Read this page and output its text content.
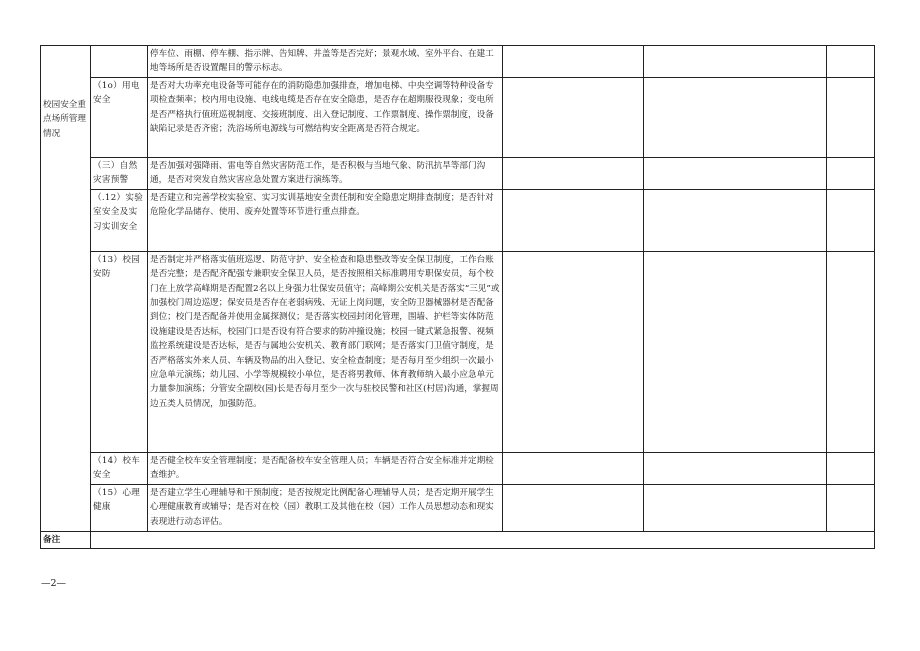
校园安全重点场所管理情况		停车位、雨棚、停车棚、指示牌、告知牌、井盖等是否完好；景观水域、室外平台、在建工地等场所是否设置醒目的警示标志。			
	（1o）用电安全	是否对大功率充电设备等可能存在的消防隐患加强排查，增加电梯、中央空调等特种设备专项检查频率；校内用电设施、电线电缆是否存在安全隐患，是否存在超期服役现象；变电所是否严格执行值班巡视制度、交接班制度、出入登记制度、工作票制度、操作票制度，设备缺陷记录是否齐密；洗浴场所电源线与可燃结构安全距离是否符合规定。			
	（三）自然灾害预警	是否加强对强降雨、雷电等自然灾害防范工作，是否积极与当地气象、防汛抗旱等部门沟通，是否对突发自然灾害应急处置方案进行演练等。			
	（.12）实验室安全及实习实训安全	是否建立和完善学校实验室、实习实训基地安全责任制和安全隐患定期排查制度；是否针对危险化学品储存、使用、废弃处置等环节进行重点排查。			
	（13）校园安防	是否制定并严格落实值班巡逻、防范守护、安全检查和隐患整改等安全保卫制度，工作台账是否完整；是否配齐配强专兼职安全保卫人员，是否按照相关标准聘用专职保安员，每个校门在上放学高峰期是否配置2名以上身强力壮保安员值守；高峰期公安机关是否落实“三见”或加强校门周边巡逻；保安员是否存在老弱病残、无证上岗问题，安全防卫器械器材是否配备到位；校门是否配备并使用金属探测仪；是否落实校园封闭化管理，围墙、护栏等实体防范设施建设是否达标，校园门口是否设有符合要求的防冲撞设施；校园一键式紧急报警、视频监控系统建设是否达标，是否与属地公安机关、教育部门联网；是否落实门卫值守制度，是否严格落实外来人员、车辆及物品的出入登记、安全检查制度；是否每月至少组织一次最小应急单元演练；幼儿园、小学等规模较小单位，是否将男教师、体育教师纳入最小应急单元力量参加演练；分管安全副校(园)长是否每月至少一次与驻校民警和社区(村居)沟通，掌握周边五类人员情况，加强防范。			
	（14）校车安全	是否健全校车安全管理制度；是否配备校车安全管理人员；车辆是否符合安全标准并定期检查维护。			
	（15）心理健康	是否建立学生心理辅导和干预制度；是否按规定比例配备心理辅导人员；是否定期开展学生心理健康教育或辅导；是否对在校（园）教职工及其他在校（园）工作人员思想动态和现实表现进行动态评估。			
备注					
—2—
